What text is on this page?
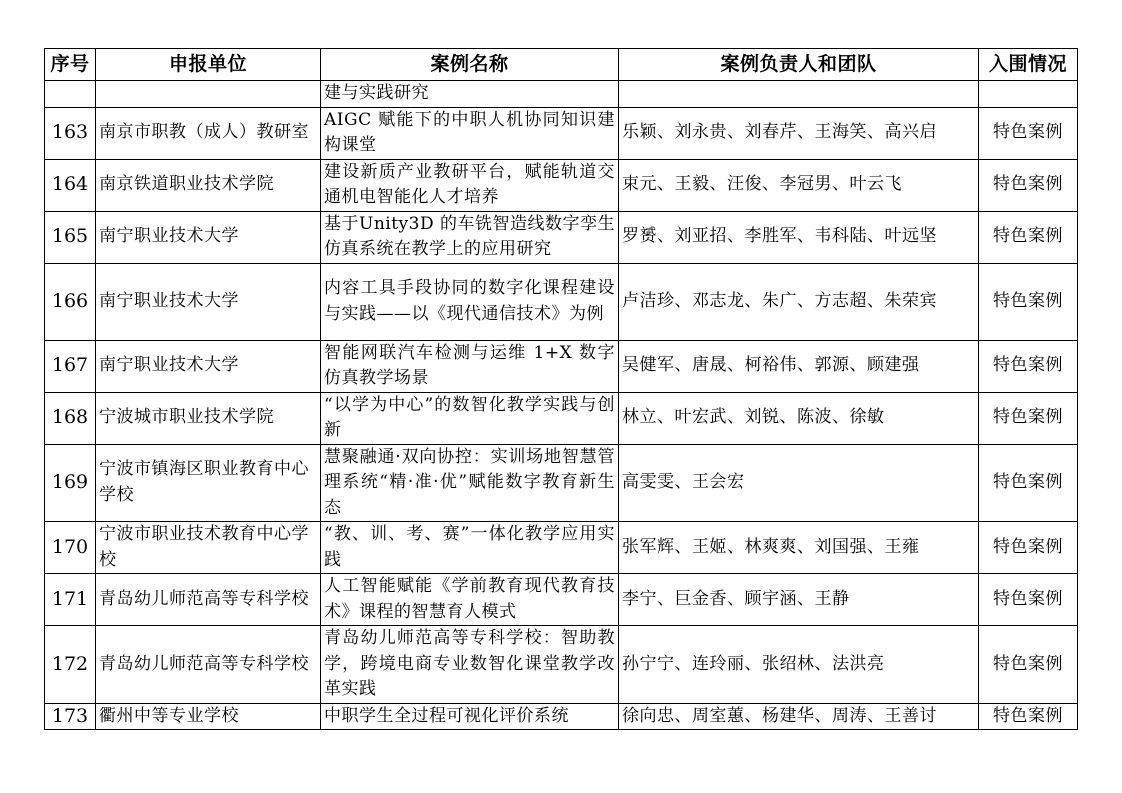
序号	申报单位	案例名称	案例负责人和团队	入围情况
		建与实践研究		
163	南京市职教（成人）教研室	AIGC 赋能下的中职人机协同知识建构课堂	乐颖、刘永贵、刘春芹、王海笑、高兴启	特色案例
164	南京铁道职业技术学院	建设新质产业教研平台，赋能轨道交通机电智能化人才培养	束元、王毅、汪俊、李冠男、叶云飞	特色案例
165	南宁职业技术大学	基于Unity3D 的车铣智造线数字孪生仿真系统在教学上的应用研究	罗赟、刘亚招、李胜军、韦科陆、叶远坚	特色案例
166	南宁职业技术大学	内容工具手段协同的数字化课程建设与实践——以《现代通信技术》为例	卢洁珍、邓志龙、朱广、方志超、朱荣宾	特色案例
167	南宁职业技术大学	智能网联汽车检测与运维 1+X 数字仿真教学场景	吴健军、唐晟、柯裕伟、郭源、顾建强	特色案例
168	宁波城市职业技术学院	“以学为中心”的数智化教学实践与创新	林立、叶宏武、刘锐、陈波、徐敏	特色案例
169	宁波市镇海区职业教育中心学校	慧聚融通·双向协控：实训场地智慧管理系统“精·准·优”赋能数字教育新生态	高雯雯、王会宏	特色案例
170	宁波市职业技术教育中心学校	“教、训、考、赛”一体化教学应用实践	张军辉、王姬、林爽爽、刘国强、王雍	特色案例
171	青岛幼儿师范高等专科学校	人工智能赋能《学前教育现代教育技术》课程的智慧育人模式	李宁、巨金香、顾宇涵、王静	特色案例
172	青岛幼儿师范高等专科学校	青岛幼儿师范高等专科学校：智助教学，跨境电商专业数智化课堂教学改革实践	孙宁宁、连玲丽、张绍林、法洪亮	特色案例
173	衢州中等专业学校	中职学生全过程可视化评价系统	徐向忠、周室蕙、杨建华、周涛、王善讨	特色案例
